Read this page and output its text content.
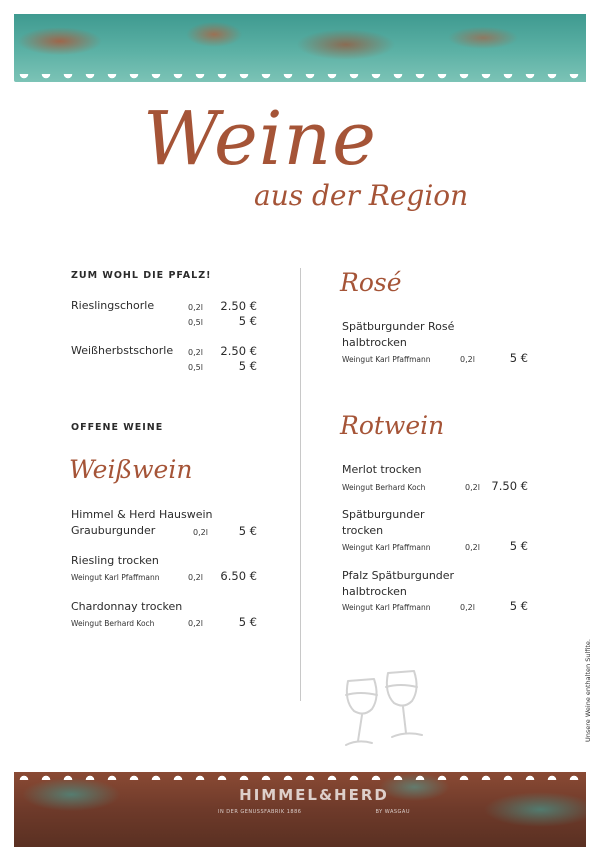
HIMMEL&HERD
IN DER GENUSSFABRIK 1886	BY WASGAU
Weine
aus der Region
ZUM WOHL DIE PFALZ!
Rieslingschorle	0,2l	2.50 €
0,5l	5 €
Weißherbstschorle 0,2l	2.50 €
0,5l	5 €
OFFENE WEINE
Weißwein
Himmel & Herd Hauswein
Grauburgunder	0,2l	5 €
Riesling trocken
Weingut Karl Pfaffmann	0,2l	6.50 €
Chardonnay trocken
Weingut Berhard Koch	0,2l	5 €
Rosé
Spätburgunder Rosé
halbtrocken
Weingut Karl Pfaffmann	0,2l	5 €
Rotwein
Merlot trocken
Weingut Berhard Koch	0,2l 7.50 €
Spätburgunder
trocken
Weingut Karl Pfaffmann	0,2l	5 €
Pfalz Spätburgunder
halbtrocken
Weingut Karl Pfaffmann	0,2l	5 €
Unsere Weine enthalten Sulfite.
